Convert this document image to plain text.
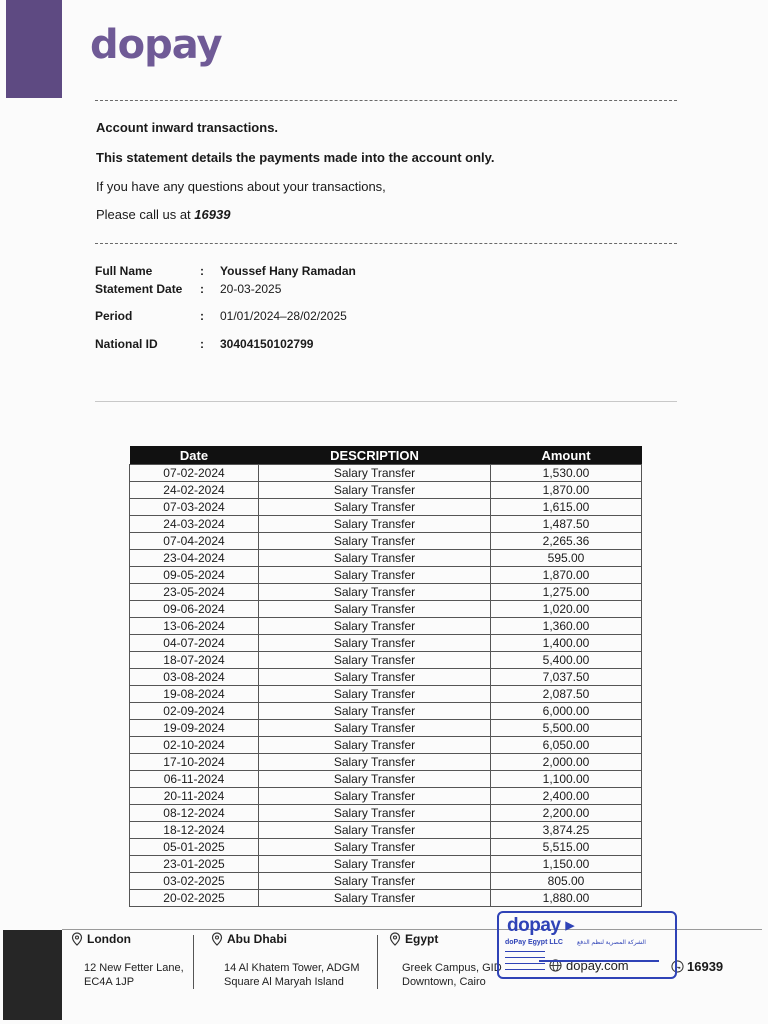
dopay
Account inward transactions.
This statement details the payments made into the account only.
If you have any questions about your transactions,
Please call us at 16939
Full Name	: Youssef Hany Ramadan
Statement Date : 20-03-2025
Period	: 01/01/2024–28/02/2025
National ID	: 30404150102799
Date	DESCRIPTION	Amount
07-02-2024	Salary Transfer	1,530.00
24-02-2024	Salary Transfer	1,870.00
07-03-2024	Salary Transfer	1,615.00
24-03-2024	Salary Transfer	1,487.50
07-04-2024	Salary Transfer	2,265.36
23-04-2024	Salary Transfer	595.00
09-05-2024	Salary Transfer	1,870.00
23-05-2024	Salary Transfer	1,275.00
09-06-2024	Salary Transfer	1,020.00
13-06-2024	Salary Transfer	1,360.00
04-07-2024	Salary Transfer	1,400.00
18-07-2024	Salary Transfer	5,400.00
03-08-2024	Salary Transfer	7,037.50
19-08-2024	Salary Transfer	2,087.50
02-09-2024	Salary Transfer	6,000.00
19-09-2024	Salary Transfer	5,500.00
02-10-2024	Salary Transfer	6,050.00
17-10-2024	Salary Transfer	2,000.00
06-11-2024	Salary Transfer	1,100.00
20-11-2024	Salary Transfer	2,400.00
08-12-2024	Salary Transfer	2,200.00
18-12-2024	Salary Transfer	3,874.25
05-01-2025	Salary Transfer	5,515.00
23-01-2025	Salary Transfer	1,150.00
03-02-2025	Salary Transfer	805.00
20-02-2025	Salary Transfer	1,880.00
London
12 New Fetter Lane,
EC4A 1JP
Abu Dhabi
14 Al Khatem Tower, ADGM
Square Al Maryah Island
Egypt
Greek Campus, GID
Downtown, Cairo
dopay.com	16939
dopay ▸
doPay Egypt LLC الشركة المصرية لنظم الدفع
